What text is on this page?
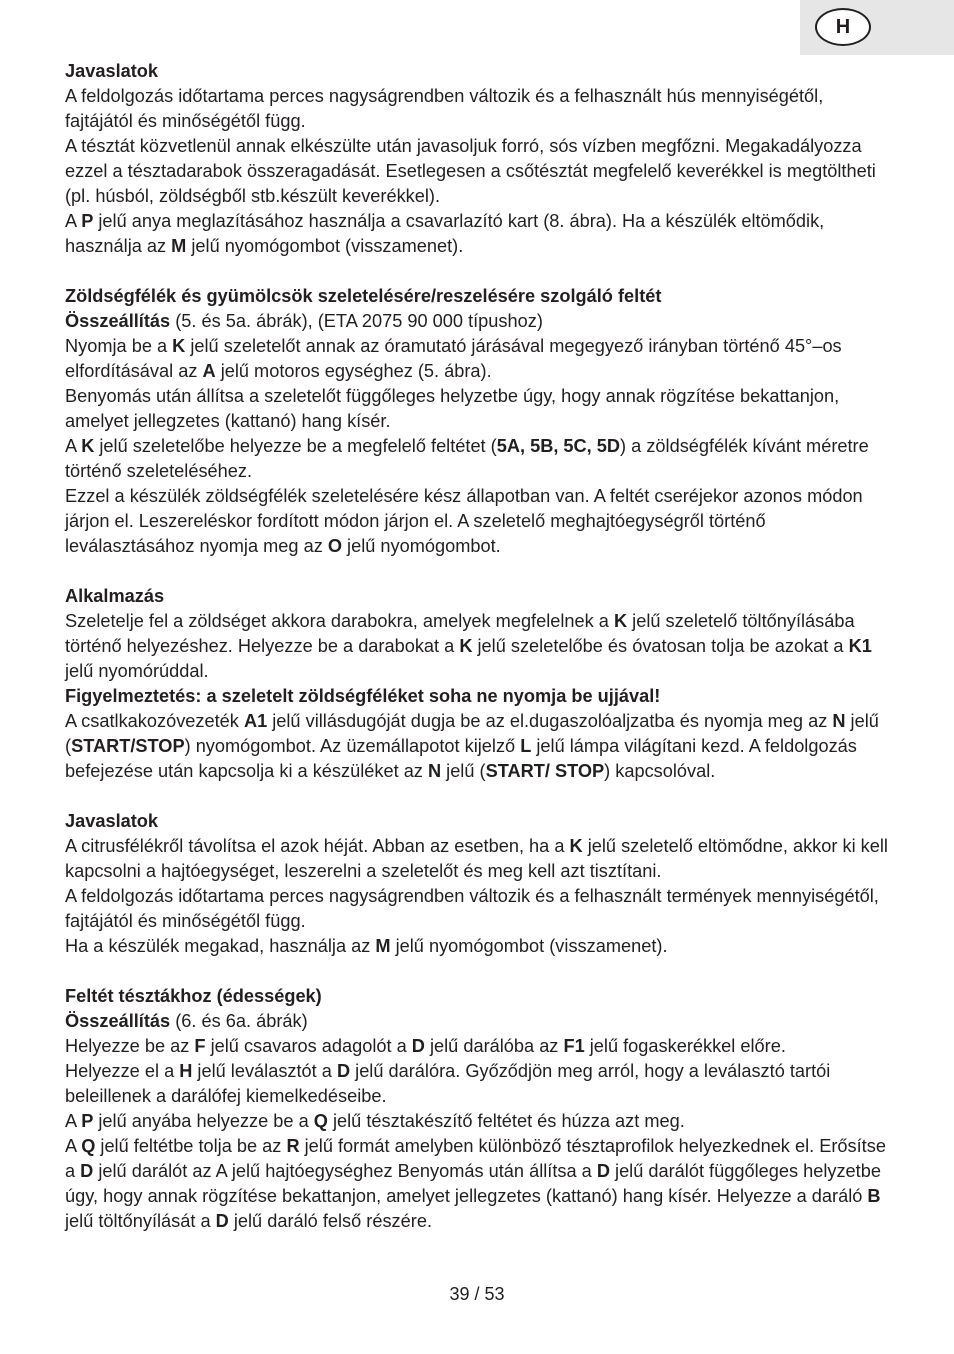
H

Javaslatok

A feldolgozás időtartama perces nagyságrendben változik és a felhasznált hús mennyiségétől, fajtájától és minőségétől függ.

A tésztát közvetlenül annak elkészülte után javasoljuk forró, sós vízben megfőzni. Megakadályozza ezzel a tésztadarabok összeragadását. Esetlegesen a csőtésztát megfelelő keverékkel is megtöltheti (pl. húsból, zöldségből stb.készült keverékkel).

A P jelű anya meglazításához használja a csavarlazító kart (8. ábra). Ha a készülék eltömődik, használja az M jelű nyomógombot (visszamenet).

Zöldségfélék és gyümölcsök szeletelésére/reszelésére szolgáló feltét

Összeállítás (5. és 5a. ábrák), (ETA 2075 90 000 típushoz)

Nyomja be a K jelű szeletelőt annak az óramutató járásával megegyező irányban történő 45°–os elfordításával az A jelű motoros egységhez (5. ábra).

Benyomás után állítsa a szeletelőt függőleges helyzetbe úgy, hogy annak rögzítése bekattanjon, amelyet jellegzetes (kattanó) hang kísér.

A K jelű szeletelőbe helyezze be a megfelelő feltétet (5A, 5B, 5C, 5D) a zöldségfélék kívánt méretre történő szeleteléséhez.

Ezzel a készülék zöldségfélék szeletelésére kész állapotban van. A feltét cseréjekor azonos módon járjon el. Leszereléskor fordított módon járjon el. A szeletelő meghajtóegységről történő leválasztásához nyomja meg az O jelű nyomógombot.

Alkalmazás

Szeletelje fel a zöldséget akkora darabokra, amelyek megfelelnek a K jelű szeletelő töltőnyílásába történő helyezéshez. Helyezze be a darabokat a K jelű szeletelőbe és óvatosan tolja be azokat a K1 jelű nyomórúddal.

Figyelmeztetés: a szeletelt zöldségféléket soha ne nyomja be ujjával!

A csatlkakozóvezeték A1 jelű villásdugóját dugja be az el.dugaszolóaljzatba és nyomja meg az N jelű (START/STOP) nyomógombot. Az üzemállapotot kijelző L jelű lámpa világítani kezd. A feldolgozás befejezése után kapcsolja ki a készüléket az N jelű (START/ STOP) kapcsolóval.

Javaslatok

A citrusfélékről távolítsa el azok héját. Abban az esetben, ha a K jelű szeletelő eltömődne, akkor ki kell kapcsolni a hajtóegységet, leszerelni a szeletelőt és meg kell azt tisztítani.

A feldolgozás időtartama perces nagyságrendben változik és a felhasznált termények mennyiségétől, fajtájától és minőségétől függ.

Ha a készülék megakad, használja az M jelű nyomógombot (visszamenet).

Feltét tésztákhoz (édességek)

Összeállítás (6. és 6a. ábrák)

Helyezze be az F jelű csavaros adagolót a D jelű darálóba az F1 jelű fogaskerékkel előre.

Helyezze el a H jelű leválasztót a D jelű darálóra. Győződjön meg arról, hogy a leválasztó tartói beleillenek a darálófej kiemelkedéseibe.

A P jelű anyába helyezze be a Q jelű tésztakészítő feltétet és húzza azt meg.

A Q jelű feltétbe tolja be az R jelű formát amelyben különböző tésztaprofilok helyezkednek el. Erősítse a D jelű darálót az A jelű hajtóegységhez Benyomás után állítsa a D jelű darálót függőleges helyzetbe úgy, hogy annak rögzítése bekattanjon, amelyet jellegzetes (kattanó) hang kísér. Helyezze a daráló B jelű töltőnyílását a D jelű daráló felső részére.

39 / 53
